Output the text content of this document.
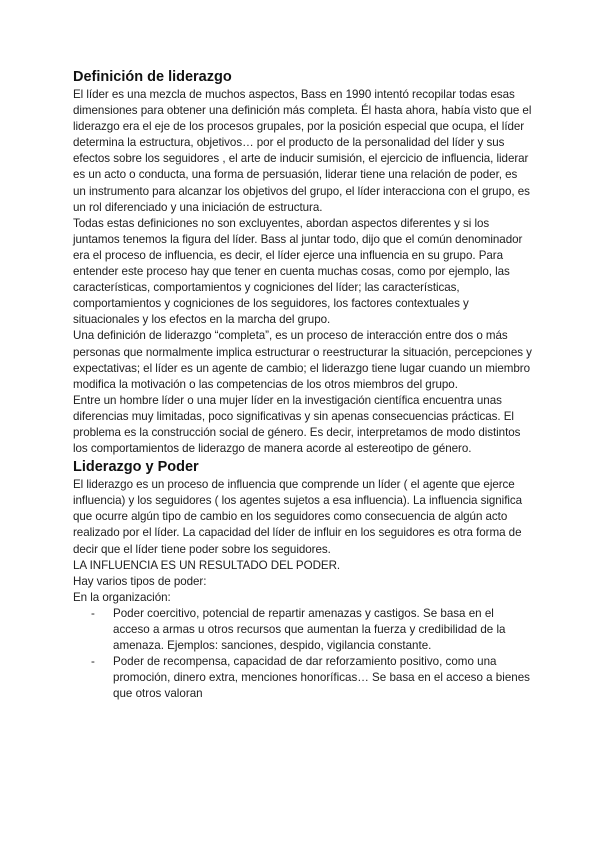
Definición de liderazgo

El líder es una mezcla de muchos aspectos, Bass en 1990 intentó recopilar todas esas dimensiones para obtener una definición más completa. Él hasta ahora, había visto que el liderazgo era el eje de los procesos grupales, por la posición especial que ocupa, el líder determina la estructura, objetivos… por el producto de la personalidad del líder y sus efectos sobre los seguidores , el arte de inducir sumisión, el ejercicio de influencia, liderar es un acto o conducta, una forma de persuasión, liderar tiene una relación de poder, es un instrumento para alcanzar los objetivos del grupo, el líder interacciona con el grupo, es un rol diferenciado y una iniciación de estructura.

Todas estas definiciones no son excluyentes, abordan aspectos diferentes y si los juntamos tenemos la figura del líder. Bass al juntar todo, dijo que el común denominador era el proceso de influencia, es decir, el líder ejerce una influencia en su grupo. Para entender este proceso hay que tener en cuenta muchas cosas, como por ejemplo, las características, comportamientos y cogniciones del líder; las características, comportamientos y cogniciones de los seguidores, los factores contextuales y situacionales y los efectos en la marcha del grupo.

Una definición de liderazgo “completa”, es un proceso de interacción entre dos o más personas que normalmente implica estructurar o reestructurar la situación, percepciones y expectativas; el líder es un agente de cambio; el liderazgo tiene lugar cuando un miembro modifica la motivación o las competencias de los otros miembros del grupo.

Entre un hombre líder o una mujer líder en la investigación científica encuentra unas diferencias muy limitadas, poco significativas y sin apenas consecuencias prácticas. El problema es la construcción social de género. Es decir, interpretamos de modo distintos los comportamientos de liderazgo de manera acorde al estereotipo de género.

Liderazgo y Poder

El liderazgo es un proceso de influencia que comprende un líder ( el agente que ejerce influencia) y los seguidores ( los agentes sujetos a esa influencia). La influencia significa que ocurre algún tipo de cambio en los seguidores como consecuencia de algún acto realizado por el líder. La capacidad del líder de influir en los seguidores es otra forma de decir que el líder tiene poder sobre los seguidores.

LA INFLUENCIA ES UN RESULTADO DEL PODER.

Hay varios tipos de poder:

En la organización:

- Poder coercitivo, potencial de repartir amenazas y castigos. Se basa en el acceso a armas u otros recursos que aumentan la fuerza y credibilidad de la amenaza. Ejemplos: sanciones, despido, vigilancia constante.
- Poder de recompensa, capacidad de dar reforzamiento positivo, como una promoción, dinero extra, menciones honoríficas… Se basa en el acceso a bienes que otros valoran
